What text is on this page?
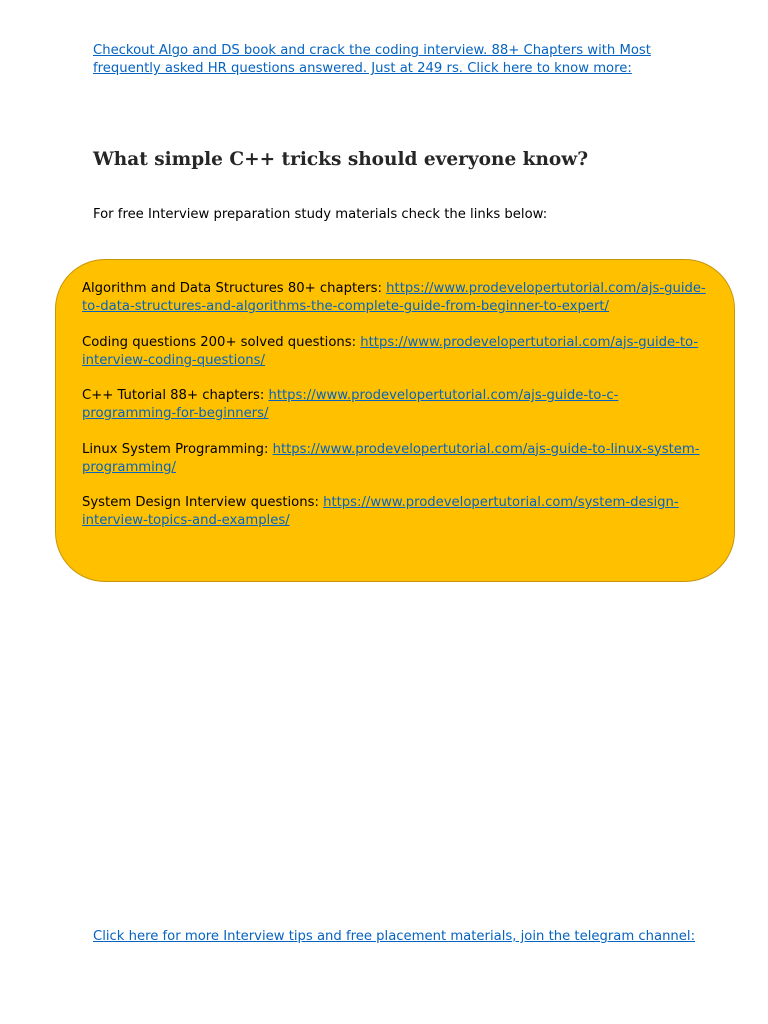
Checkout Algo and DS book and crack the coding interview. 88+ Chapters with Most frequently asked HR questions answered. Just at 249 rs. Click here to know more:
What simple C++ tricks should everyone know?

For free Interview preparation study materials check the links below:

Algorithm and Data Structures 80+ chapters: https://www.prodevelopertutorial.com/ajs-guide-to-data-structures-and-algorithms-the-complete-guide-from-beginner-to-expert/

Coding questions 200+ solved questions: https://www.prodevelopertutorial.com/ajs-guide-to-interview-coding-questions/

C++ Tutorial 88+ chapters: https://www.prodevelopertutorial.com/ajs-guide-to-c-programming-for-beginners/

Linux System Programming: https://www.prodevelopertutorial.com/ajs-guide-to-linux-system-programming/

System Design Interview questions: https://www.prodevelopertutorial.com/system-design-interview-topics-and-examples/

Click here for more Interview tips and free placement materials, join the telegram channel:
